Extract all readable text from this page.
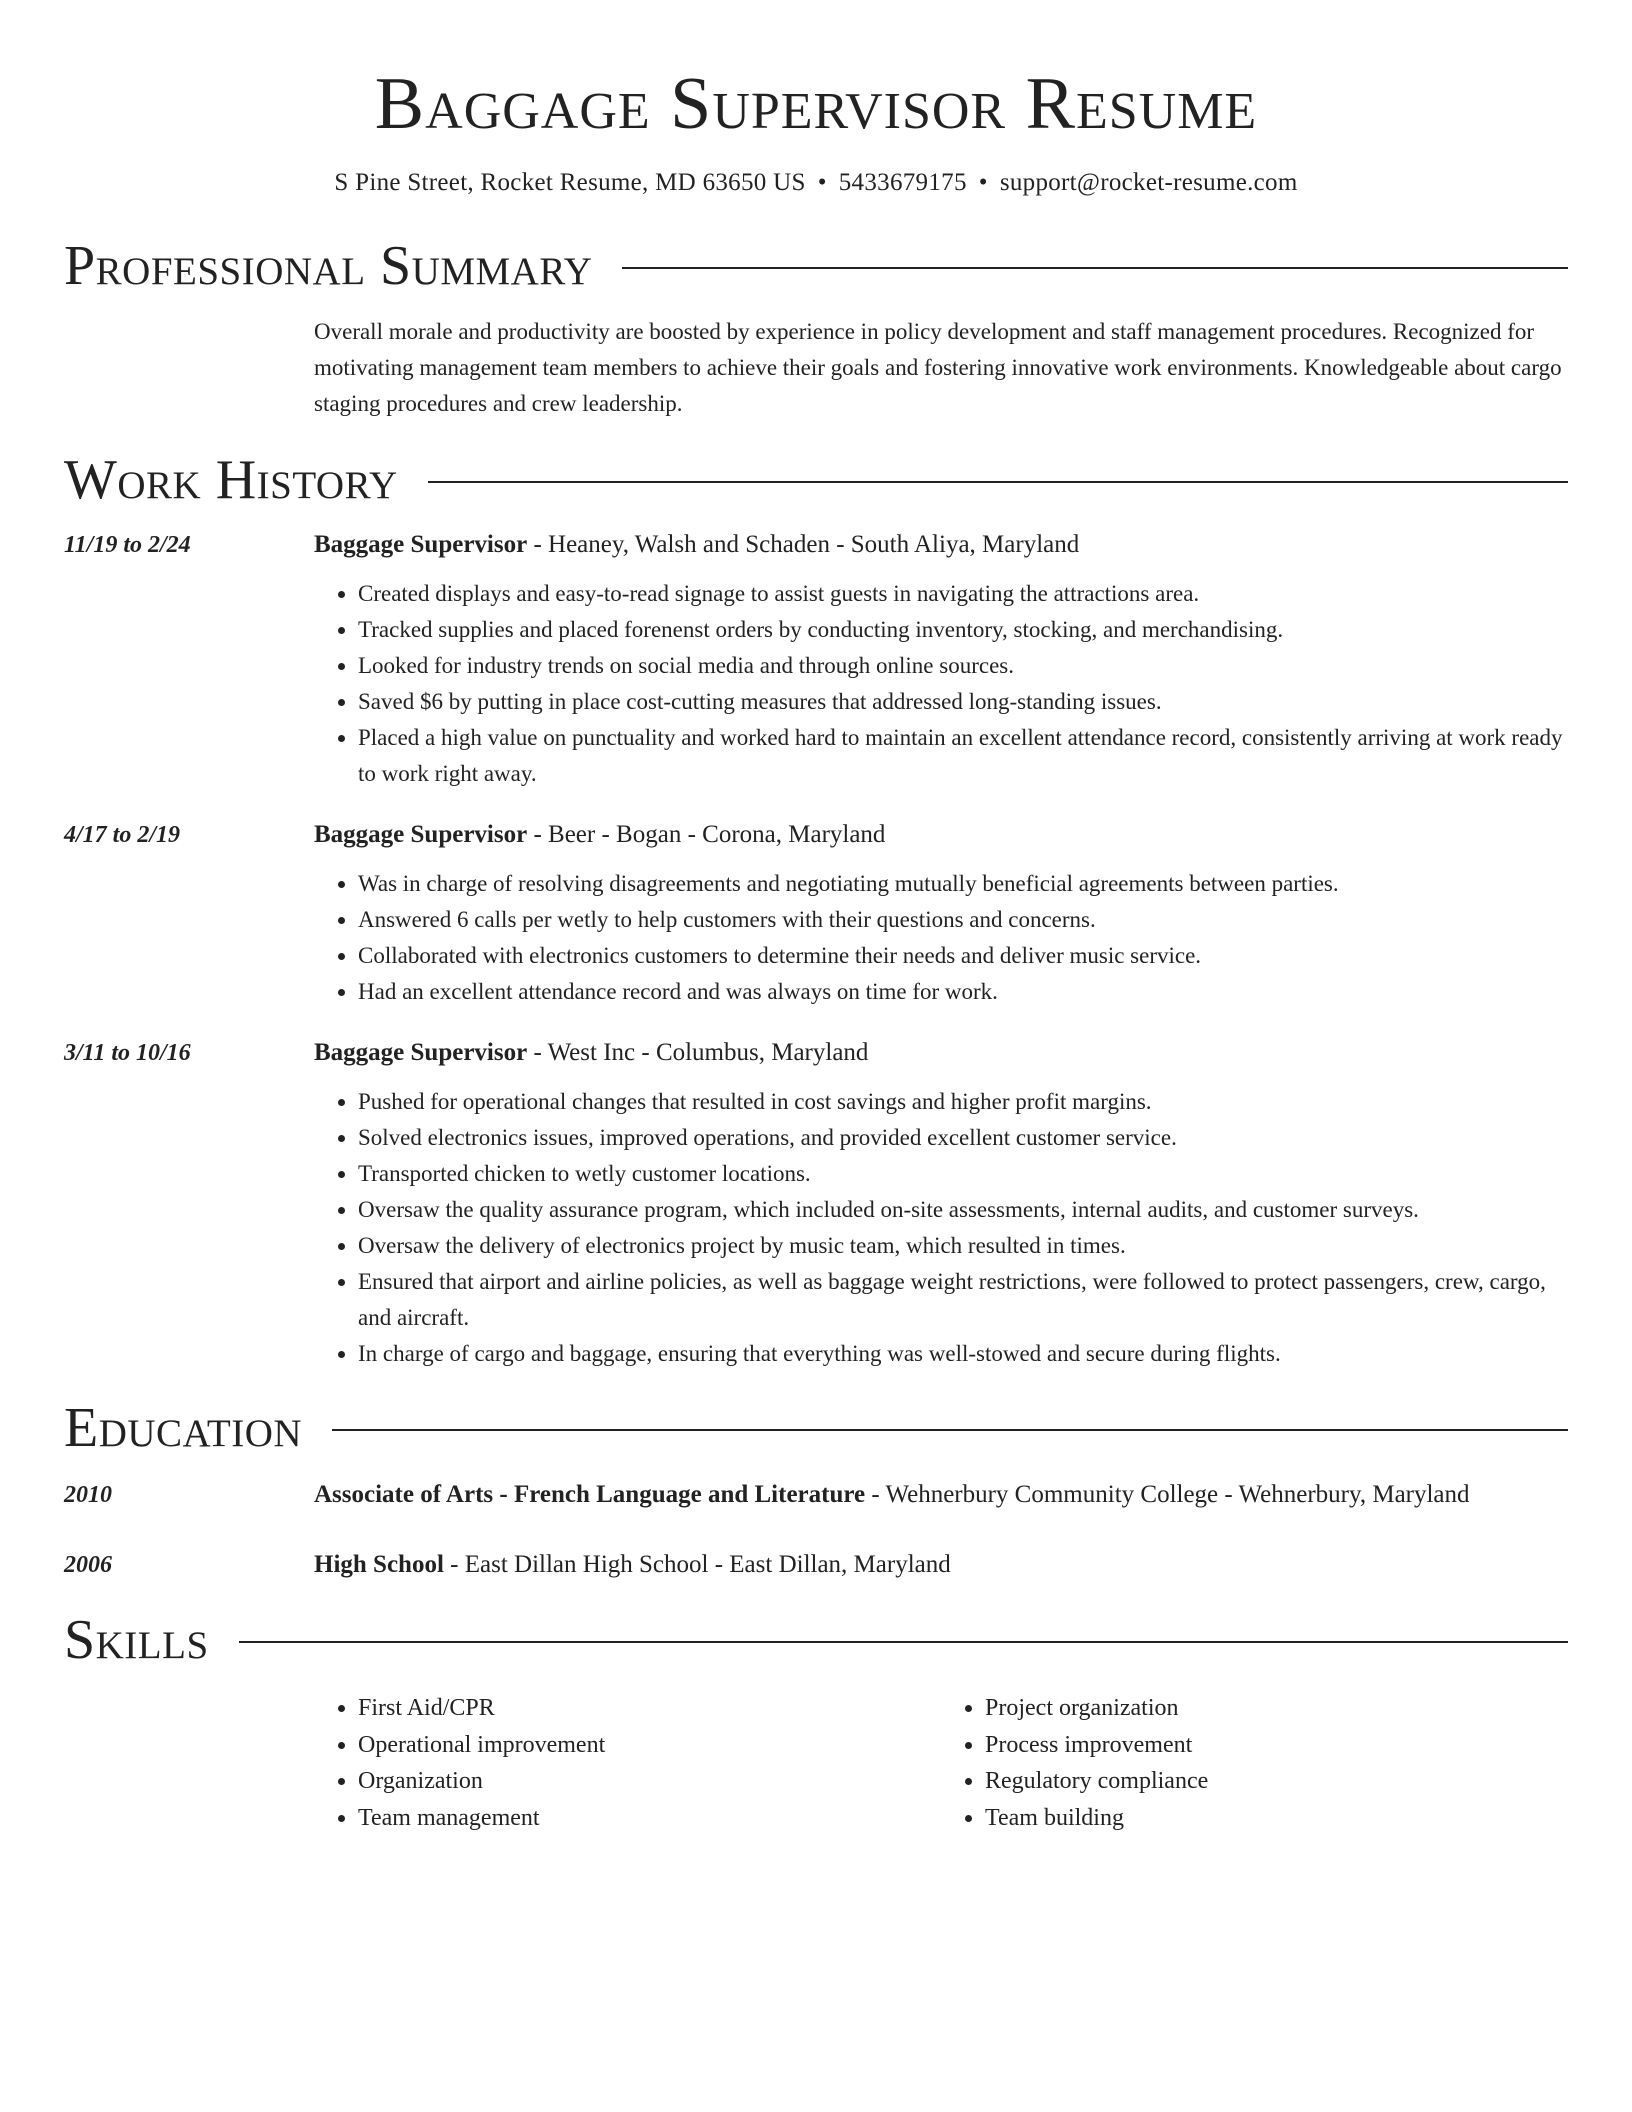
Baggage Supervisor Resume
S Pine Street, Rocket Resume, MD 63650 US • 5433679175 • support@rocket-resume.com
Professional Summary
Overall morale and productivity are boosted by experience in policy development and staff management procedures. Recognized for motivating management team members to achieve their goals and fostering innovative work environments. Knowledgeable about cargo staging procedures and crew leadership.
Work History
11/19 to 2/24	Baggage Supervisor - Heaney, Walsh and Schaden - South Aliya, Maryland
• Created displays and easy-to-read signage to assist guests in navigating the attractions area.
• Tracked supplies and placed forenenst orders by conducting inventory, stocking, and merchandising.
• Looked for industry trends on social media and through online sources.
• Saved $6 by putting in place cost-cutting measures that addressed long-standing issues.
• Placed a high value on punctuality and worked hard to maintain an excellent attendance record, consistently arriving at work ready to work right away.
4/17 to 2/19	Baggage Supervisor - Beer - Bogan - Corona, Maryland
• Was in charge of resolving disagreements and negotiating mutually beneficial agreements between parties.
• Answered 6 calls per wetly to help customers with their questions and concerns.
• Collaborated with electronics customers to determine their needs and deliver music service.
• Had an excellent attendance record and was always on time for work.
3/11 to 10/16	Baggage Supervisor - West Inc - Columbus, Maryland
• Pushed for operational changes that resulted in cost savings and higher profit margins.
• Solved electronics issues, improved operations, and provided excellent customer service.
• Transported chicken to wetly customer locations.
• Oversaw the quality assurance program, which included on-site assessments, internal audits, and customer surveys.
• Oversaw the delivery of electronics project by music team, which resulted in times.
• Ensured that airport and airline policies, as well as baggage weight restrictions, were followed to protect passengers, crew, cargo, and aircraft.
• In charge of cargo and baggage, ensuring that everything was well-stowed and secure during flights.
Education
2010	Associate of Arts - French Language and Literature - Wehnerbury Community College - Wehnerbury, Maryland
2006	High School - East Dillan High School - East Dillan, Maryland
Skills
• First Aid/CPR
• Operational improvement
• Organization
• Team management
• Project organization
• Process improvement
• Regulatory compliance
• Team building
